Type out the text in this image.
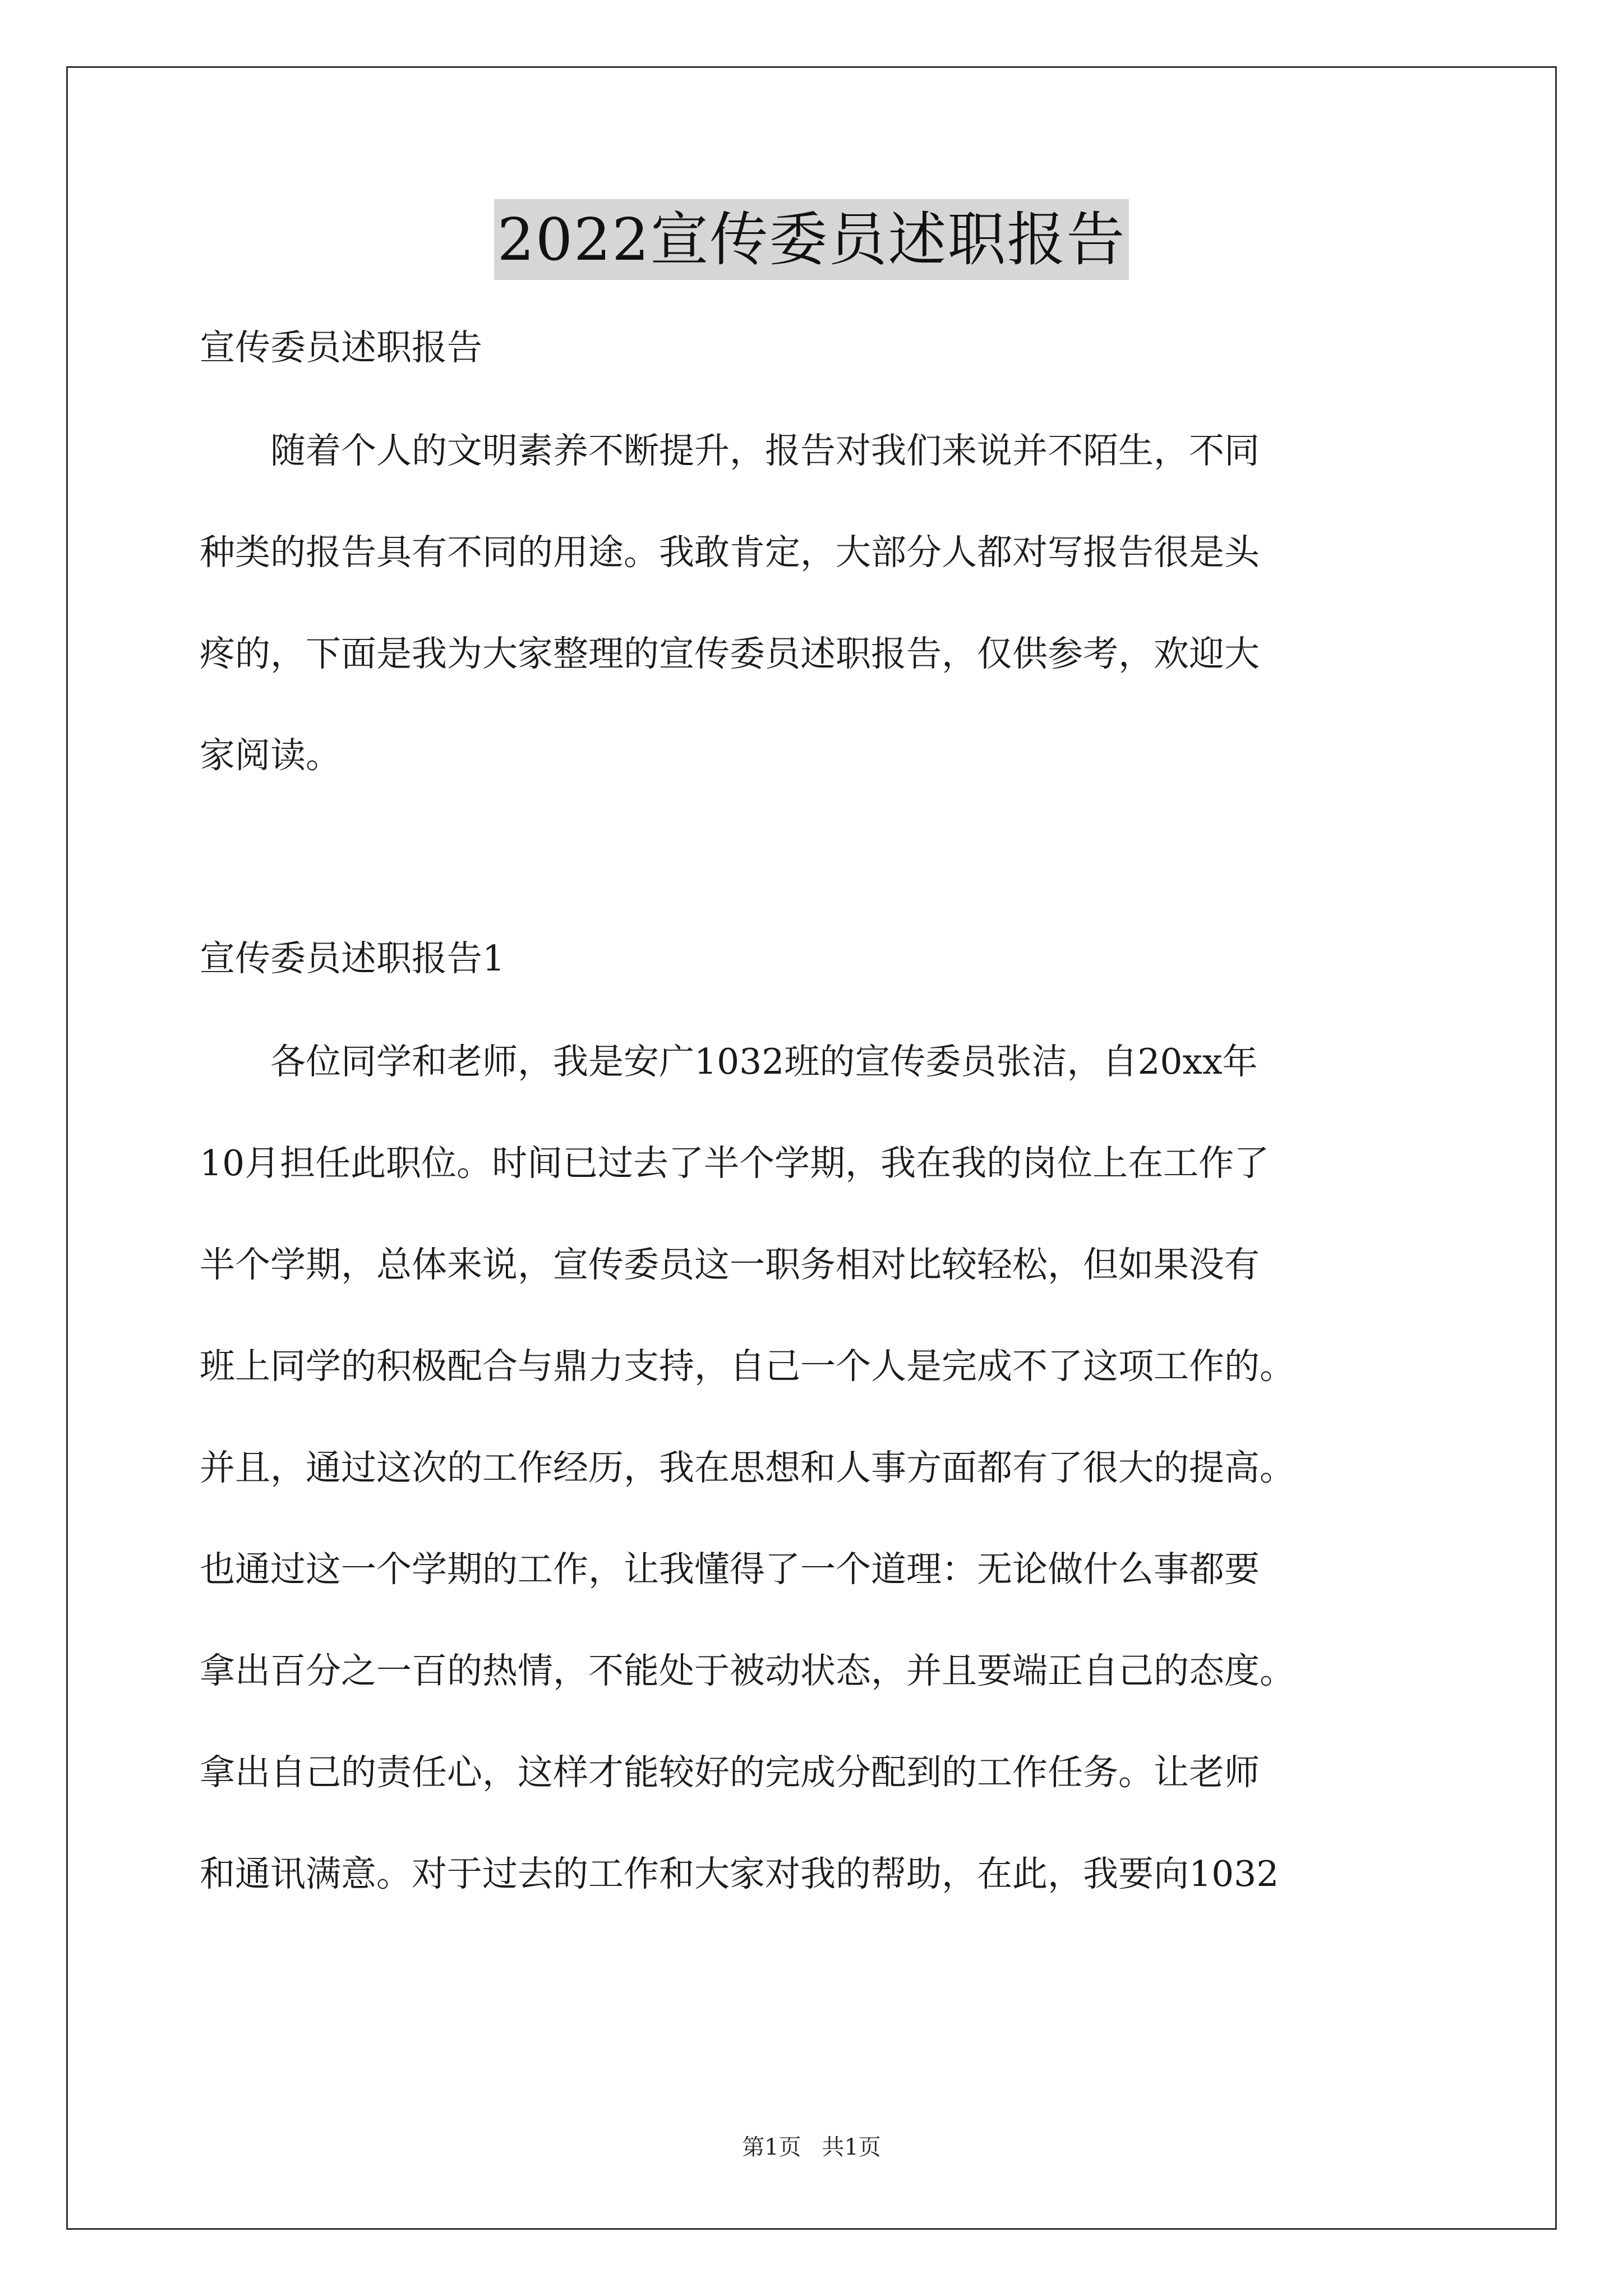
2022宣传委员述职报告

宣传委员述职报告

　　随着个人的文明素养不断提升，报告对我们来说并不陌生，不同

种类的报告具有不同的用途。我敢肯定，大部分人都对写报告很是头

疼的，下面是我为大家整理的宣传委员述职报告，仅供参考，欢迎大

家阅读。

宣传委员述职报告1

　　各位同学和老师，我是安广1032班的宣传委员张洁，自20xx年

10月担任此职位。时间已过去了半个学期，我在我的岗位上在工作了

半个学期，总体来说，宣传委员这一职务相对比较轻松，但如果没有

班上同学的积极配合与鼎力支持，自己一个人是完成不了这项工作的。

并且，通过这次的工作经历，我在思想和人事方面都有了很大的提高。

也通过这一个学期的工作，让我懂得了一个道理：无论做什么事都要

拿出百分之一百的热情，不能处于被动状态，并且要端正自己的态度。

拿出自己的责任心，这样才能较好的完成分配到的工作任务。让老师

和通讯满意。对于过去的工作和大家对我的帮助，在此，我要向1032

第1页 共1页
